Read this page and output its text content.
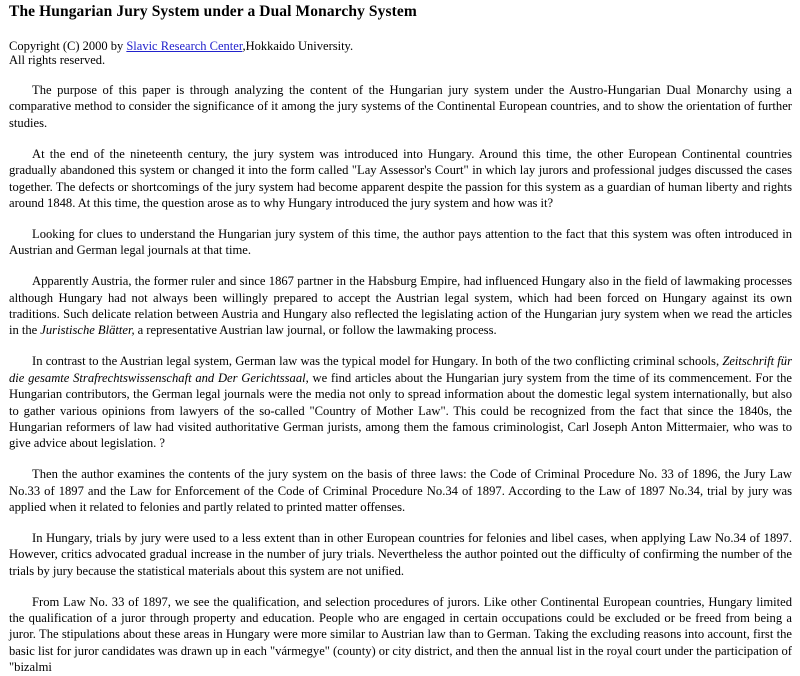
The Hungarian Jury System under a Dual Monarchy System
Copyright (C) 2000 by Slavic Research Center,Hokkaido University.
All rights reserved.

The purpose of this paper is through analyzing the content of the Hungarian jury system under the Austro-Hungarian Dual Monarchy using a comparative method to consider the significance of it among the jury systems of the Continental European countries, and to show the orientation of further studies.

At the end of the nineteenth century, the jury system was introduced into Hungary. Around this time, the other European Continental countries gradually abandoned this system or changed it into the form called "Lay Assessor's Court" in which lay jurors and professional judges discussed the cases together. The defects or shortcomings of the jury system had become apparent despite the passion for this system as a guardian of human liberty and rights around 1848. At this time, the question arose as to why Hungary introduced the jury system and how was it?

Looking for clues to understand the Hungarian jury system of this time, the author pays attention to the fact that this system was often introduced in Austrian and German legal journals at that time.

Apparently Austria, the former ruler and since 1867 partner in the Habsburg Empire, had influenced Hungary also in the field of lawmaking processes although Hungary had not always been willingly prepared to accept the Austrian legal system, which had been forced on Hungary against its own traditions. Such delicate relation between Austria and Hungary also reflected the legislating action of the Hungarian jury system when we read the articles in the Juristische Blätter, a representative Austrian law journal, or follow the lawmaking process.

In contrast to the Austrian legal system, German law was the typical model for Hungary. In both of the two conflicting criminal schools, Zeitschrift für die gesamte Strafrechtswissenschaft and Der Gerichtssaal, we find articles about the Hungarian jury system from the time of its commencement. For the Hungarian contributors, the German legal journals were the media not only to spread information about the domestic legal system internationally, but also to gather various opinions from lawyers of the so-called "Country of Mother Law". This could be recognized from the fact that since the 1840s, the Hungarian reformers of law had visited authoritative German jurists, among them the famous criminologist, Carl Joseph Anton Mittermaier, who was to give advice about legislation. ?

Then the author examines the contents of the jury system on the basis of three laws: the Code of Criminal Procedure No. 33 of 1896, the Jury Law No.33 of 1897 and the Law for Enforcement of the Code of Criminal Procedure No.34 of 1897. According to the Law of 1897 No.34, trial by jury was applied when it related to felonies and partly related to printed matter offenses.

In Hungary, trials by jury were used to a less extent than in other European countries for felonies and libel cases, when applying Law No.34 of 1897. However, critics advocated gradual increase in the number of jury trials. Nevertheless the author pointed out the difficulty of confirming the number of the trials by jury because the statistical materials about this system are not unified.

From Law No. 33 of 1897, we see the qualification, and selection procedures of jurors. Like other Continental European countries, Hungary limited the qualification of a juror through property and education. People who are engaged in certain occupations could be excluded or be freed from being a juror. The stipulations about these areas in Hungary were more similar to Austrian law than to German. Taking the excluding reasons into account, first the basic list for juror candidates was drawn up in each "vármegye" (county) or city district, and then the annual list in the royal court under the participation of "bizalmi
